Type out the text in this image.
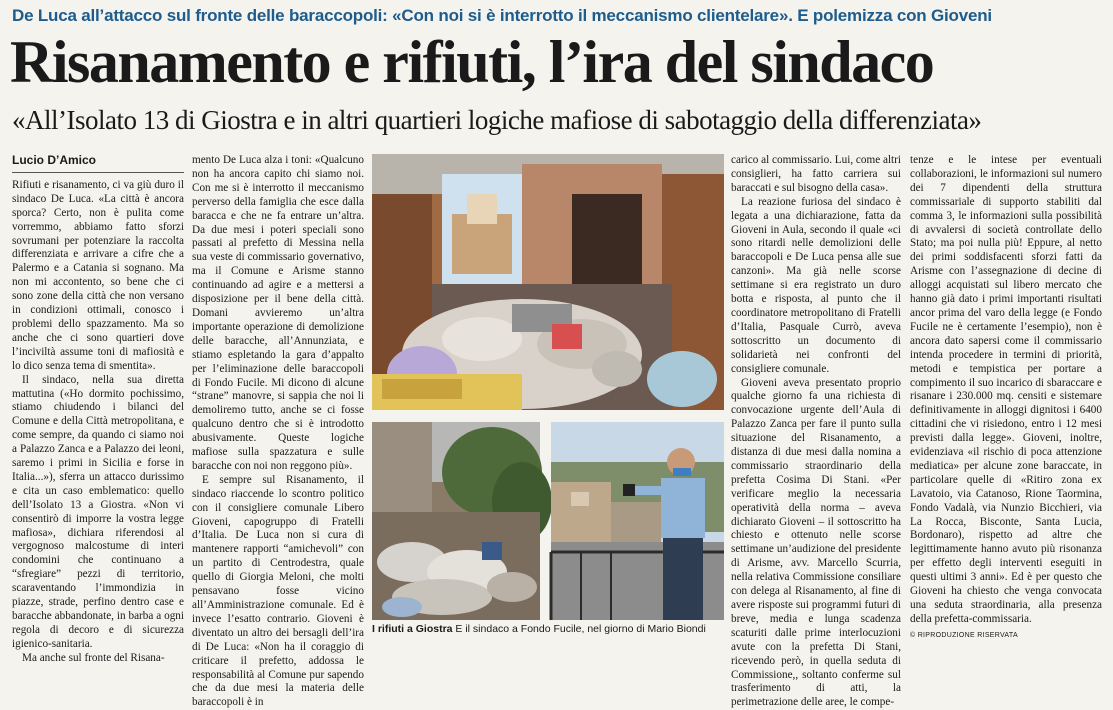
De Luca all’attacco sul fronte delle baraccopoli: «Con noi si è interrotto il meccanismo clientelare». E polemizza con Gioveni
Risanamento e rifiuti, l’ira del sindaco
«All’Isolato 13 di Giostra e in altri quartieri logiche mafiose di sabotaggio della differenziata»
Lucio D’Amico

Rifiuti e risanamento, ci va giù duro il sindaco De Luca. «La città è ancora sporca? Certo, non è pulita come vorremmo, abbiamo fatto sforzi sovrumani per potenziare la raccolta differenziata e arrivare a cifre che a Palermo e a Catania si sognano. Ma non mi accontento, so bene che ci sono zone della città che non versano in condizioni ottimali, conosco i problemi dello spazzamento. Ma so anche che ci sono quartieri dove l’inciviltà assume toni di mafiosità e lo dico senza tema di smentita».

Il sindaco, nella sua diretta mattutina («Ho dormito pochissimo, stiamo chiudendo i bilanci del Comune e della Città metropolitana, e come sempre, da quando ci siamo noi a Palazzo Zanca e a Palazzo dei leoni, saremo i primi in Sicilia e forse in Italia...»), sferra un attacco durissimo e cita un caso emblematico: quello dell’Isolato 13 a Giostra. «Non vi consentirò di imporre la vostra legge mafiosa», dichiara riferendosi al vergognoso malcostume di interi condomini che continuano a “sfregiare” pezzi di territorio, scaraventando l’immondizia in piazze, strade, perfino dentro case e baracche abbandonate, in barba a ogni regola di decoro e di sicurezza igienico-sanitaria.

Ma anche sul fronte del Risana-

mento De Luca alza i toni: «Qualcuno non ha ancora capito chi siamo noi. Con me si è interrotto il meccanismo perverso della famiglia che esce dalla baracca e che ne fa entrare un’altra. Da due mesi i poteri speciali sono passati al prefetto di Messina nella sua veste di commissario governativo, ma il Comune e Arisme stanno continuando ad agire e a mettersi a disposizione per il bene della città. Domani avvieremo un’altra importante operazione di demolizione delle baracche, all’Annunziata, e stiamo espletando la gara d’appalto per l’eliminazione delle baraccopoli di Fondo Fucile. Mi dicono di alcune “strane” manovre, si sappia che noi li demoliremo tutto, anche se ci fosse qualcuno dentro che si è introdotto abusivamente. Queste logiche mafiose sulla spazzatura e sulle baracche con noi non reggono più».

E sempre sul Risanamento, il sindaco riaccende lo scontro politico con il consigliere comunale Libero Gioveni, capogruppo di Fratelli d’Italia. De Luca non si cura di mantenere rapporti “amichevoli” con un partito di Centrodestra, quale quello di Giorgia Meloni, che molti pensavano fosse vicino all’Amministrazione comunale. Ed è invece l’esatto contrario. Gioveni è diventato un altro dei bersagli dell’ira di De Luca: «Non ha il coraggio di criticare il prefetto, addossa le responsabilità al Comune pur sapendo che da due mesi la materia delle baraccopoli è in

I rifiuti a Giostra E il sindaco a Fondo Fucile, nel giorno di Mario Biondi

carico al commissario. Lui, come altri consiglieri, ha fatto carriera sui baraccati e sul bisogno della casa».

La reazione furiosa del sindaco è legata a una dichiarazione, fatta da Gioveni in Aula, secondo il quale «ci sono ritardi nelle demolizioni delle baraccopoli e De Luca pensa alle sue canzoni». Ma già nelle scorse settimane si era registrato un duro botta e risposta, al punto che il coordinatore metropolitano di Fratelli d’Italia, Pasquale Currò, aveva sottoscritto un documento di solidarietà nei confronti del consigliere comunale.

Gioveni aveva presentato proprio qualche giorno fa una richiesta di convocazione urgente dell’Aula di Palazzo Zanca per fare il punto sulla situazione del Risanamento, a distanza di due mesi dalla nomina a commissario straordinario della prefetta Cosima Di Stani. «Per verificare meglio la necessaria operatività della norma – aveva dichiarato Gioveni – il sottoscritto ha chiesto e ottenuto nelle scorse settimane un’audizione del presidente di Arisme, avv. Marcello Scurria, nella relativa Commissione consiliare con delega al Risanamento, al fine di avere risposte sui programmi futuri di breve, media e lunga scadenza scaturiti dalle prime interlocuzioni avute con la prefetta Di Stani, ricevendo però, in quella seduta di Commissione,, soltanto conferme sul trasferimento di atti, la perimetrazione delle aree, le compe-

tenze e le intese per eventuali collaborazioni, le informazioni sul numero dei 7 dipendenti della struttura commissariale di supporto stabiliti dal comma 3, le informazioni sulla possibilità di avvalersi di società controllate dello Stato; ma poi nulla più! Eppure, al netto dei primi soddisfacenti sforzi fatti da Arisme con l’assegnazione di decine di alloggi acquistati sul libero mercato che hanno già dato i primi importanti risultati ancor prima del varo della legge (e Fondo Fucile ne è certamente l’esempio), non è ancora dato sapersi come il commissario intenda procedere in termini di priorità, metodi e tempistica per portare a compimento il suo incarico di sbaraccare e risanare i 230.000 mq. censiti e sistemare definitivamente in alloggi dignitosi i 6400 cittadini che vi risiedono, entro i 12 mesi previsti dalla legge». Gioveni, inoltre, evidenziava «il rischio di poca attenzione mediatica» per alcune zone baraccate, in particolare quelle di «Ritiro zona ex Lavatoio, via Catanoso, Rione Taormina, Fondo Vadalà, via Nunzio Bicchieri, via La Rocca, Bisconte, Santa Lucia, Bordonaro), rispetto ad altre che legittimamente hanno avuto più risonanza per effetto degli interventi eseguiti in questi ultimi 3 anni». Ed è per questo che Gioveni ha chiesto che venga convocata una seduta straordinaria, alla presenza della prefetta-commissaria.

© RIPRODUZIONE RISERVATA
